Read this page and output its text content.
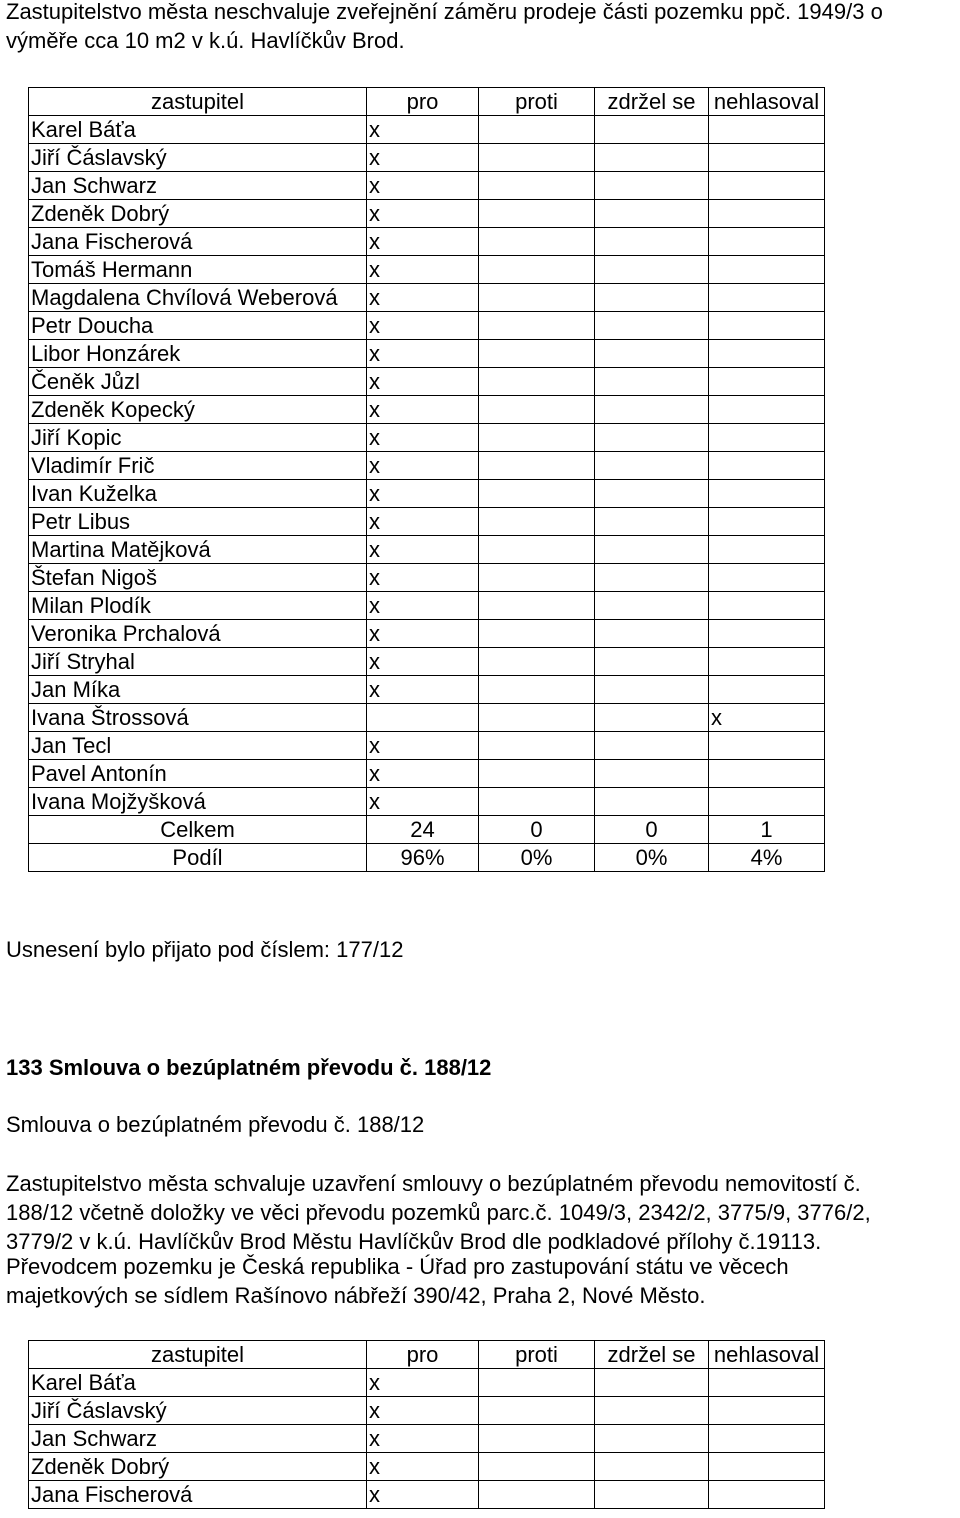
Zastupitelstvo města neschvaluje zveřejnění záměru prodeje části pozemku ppč. 1949/3 o

výměře cca 10 m2 v k.ú. Havlíčkův Brod.

zastupitel	pro	proti	zdržel se	nehlasoval
Karel Báťa	x			
Jiří Čáslavský	x			
Jan Schwarz	x			
Zdeněk Dobrý	x			
Jana Fischerová	x			
Tomáš Hermann	x			
Magdalena Chvílová Weberová	x			
Petr Doucha	x			
Libor Honzárek	x			
Čeněk Jůzl	x			
Zdeněk Kopecký	x			
Jiří Kopic	x			
Vladimír Frič	x			
Ivan Kuželka	x			
Petr Libus	x			
Martina Matějková	x			
Štefan Nigoš	x			
Milan Plodík	x			
Veronika Prchalová	x			
Jiří Stryhal	x			
Jan Míka	x			
Ivana Štrossová				x
Jan Tecl	x			
Pavel Antonín	x			
Ivana Mojžyšková	x			
Celkem	24	0	0	1
Podíl	96%	0%	0%	4%

Usnesení bylo přijato pod číslem: 177/12

133 Smlouva o bezúplatném převodu č. 188/12

Smlouva o bezúplatném převodu č. 188/12

Zastupitelstvo města schvaluje uzavření smlouvy o bezúplatném převodu nemovitostí č.

188/12 včetně doložky ve věci převodu pozemků parc.č. 1049/3, 2342/2, 3775/9, 3776/2,

3779/2 v k.ú. Havlíčkův Brod Městu Havlíčkův Brod dle podkladové přílohy č.19113.

Převodcem pozemku je Česká republika - Úřad pro zastupování státu ve věcech

majetkových se sídlem Rašínovo nábřeží 390/42, Praha 2, Nové Město.

zastupitel	pro	proti	zdržel se	nehlasoval
Karel Báťa	x			
Jiří Čáslavský	x			
Jan Schwarz	x			
Zdeněk Dobrý	x			
Jana Fischerová	x			
